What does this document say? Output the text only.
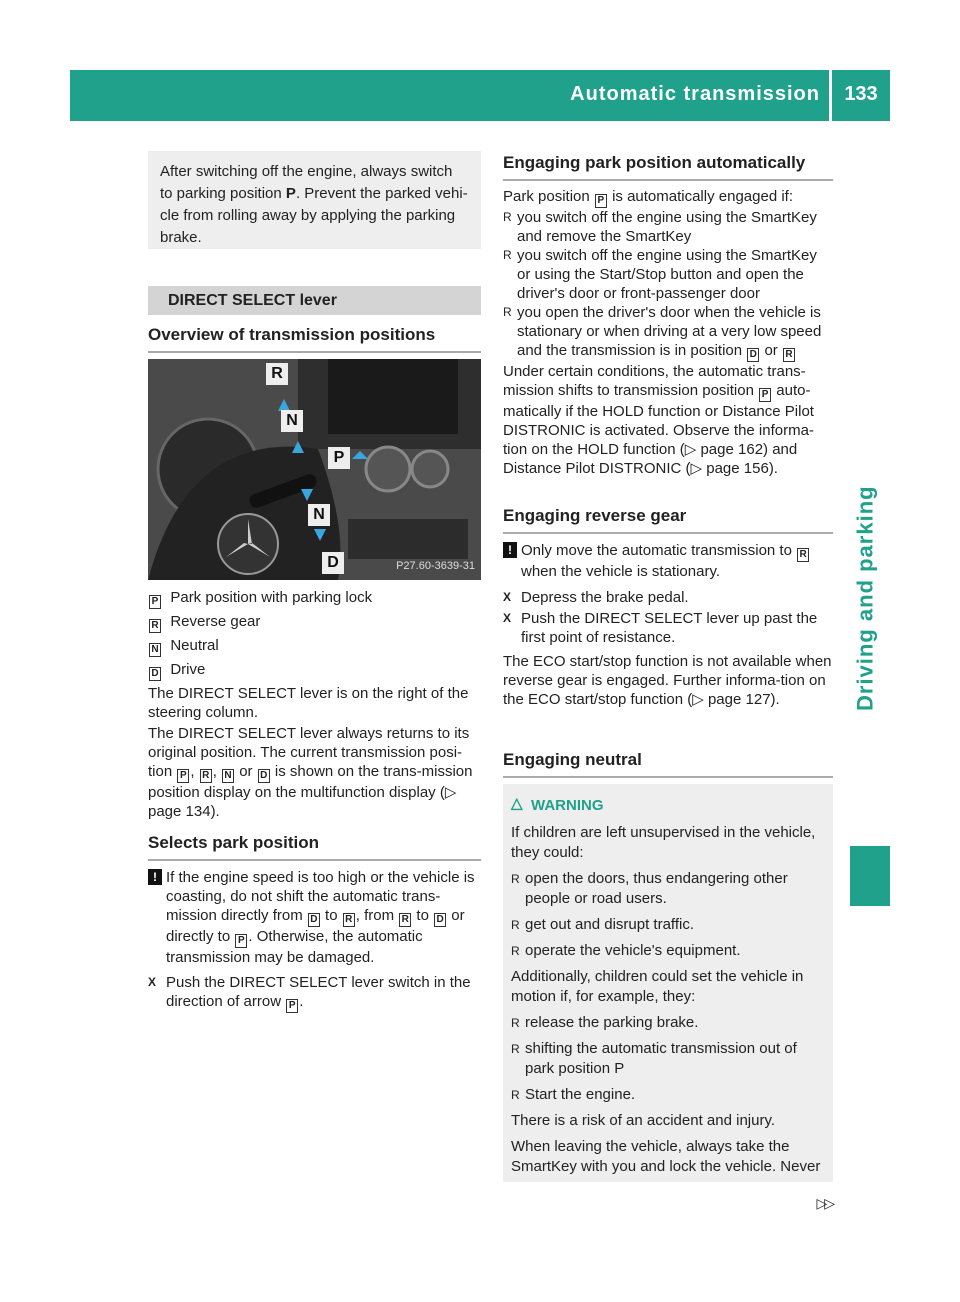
Automatic transmission	133
Driving and parking

After switching off the engine, always switch to parking position P. Prevent the parked vehi- cle from rolling away by applying the parking brake.

DIRECT SELECT lever
Overview of transmission positions
R
N
P
N
D	P27.60-3639-31

P Park position with parking lock

R Reverse gear

N Neutral

D Drive

The DIRECT SELECT lever is on the right of the steering column.

The DIRECT SELECT lever always returns to its original position. The current transmission posi-tion P , R , N or D is shown on the trans-mission position display on the multifunction display (▷ page 134).

Selects park position

! If the engine speed is too high or the vehicle is coasting, do not shift the automatic trans-mission directly from D to R , from R to D or directly to P . Otherwise, the automatic transmission may be damaged.

X Push the DIRECT SELECT lever switch in the direction of arrow P .

Engaging park position automatically

Park position P is automatically engaged if:

R you switch off the engine using the SmartKey and remove the SmartKey

R you switch off the engine using the SmartKey or using the Start/Stop button and open the driver's door or front-passenger door

R you open the driver's door when the vehicle is stationary or when driving at a very low speed and the transmission is in position D or R

Under certain conditions, the automatic trans-mission shifts to transmission position P auto-matically if the HOLD function or Distance Pilot DISTRONIC is activated. Observe the informa-tion on the HOLD function (▷ page 162) and Distance Pilot DISTRONIC (▷ page 156).

Engaging reverse gear

! Only move the automatic transmission to R when the vehicle is stationary.

X Depress the brake pedal.

X Push the DIRECT SELECT lever up past the first point of resistance.

The ECO start/stop function is not available when reverse gear is engaged. Further informa-tion on the ECO start/stop function (▷ page 127).

Engaging neutral
△ WARNING

If children are left unsupervised in the vehicle, they could:

R open the doors, thus endangering other people or road users.

R get out and disrupt traffic.

R operate the vehicle's equipment.

Additionally, children could set the vehicle in motion if, for example, they:

R release the parking brake.

R shifting the automatic transmission out of park position P

R Start the engine.

There is a risk of an accident and injury.

When leaving the vehicle, always take the SmartKey with you and lock the vehicle. Never

▷▷
